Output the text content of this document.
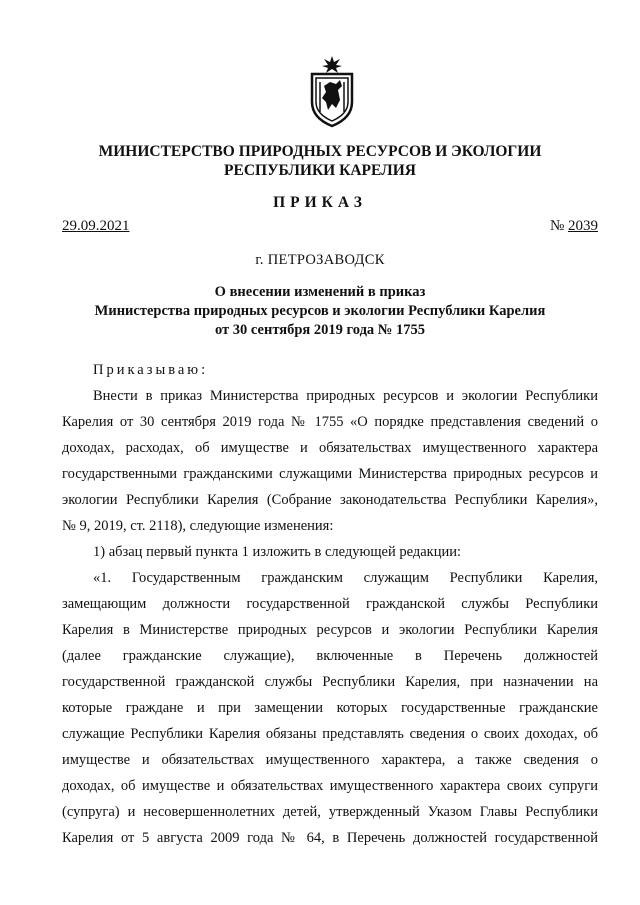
МИНИСТЕРСТВО ПРИРОДНЫХ РЕСУРСОВ И ЭКОЛОГИИ
РЕСПУБЛИКИ КАРЕЛИЯ
ПРИКАЗ
29.09.2021	№ 2039
г. ПЕТРОЗАВОДСК
О внесении изменений в приказ
Министерства природных ресурсов и экологии Республики Карелия
от 30 сентября 2019 года № 1755
Приказываю:
Внести в приказ Министерства природных ресурсов и экологии Республики
Карелия от 30 сентября 2019 года № 1755 «О порядке представления сведений о
доходах, расходах, об имуществе и обязательствах имущественного характера
государственными гражданскими служащими Министерства природных ресурсов и
экологии Республики Карелия (Собрание законодательства Республики Карелия»,
№ 9, 2019, ст. 2118), следующие изменения:
1) абзац первый пункта 1 изложить в следующей редакции:
«1. Государственным гражданским служащим Республики Карелия,
замещающим должности государственной гражданской службы Республики
Карелия в Министерстве природных ресурсов и экологии Республики Карелия
(далее гражданские служащие), включенные в Перечень должностей
государственной гражданской службы Республики Карелия, при назначении на
которые граждане и при замещении которых государственные гражданские
служащие Республики Карелия обязаны представлять сведения о своих доходах, об
имуществе и обязательствах имущественного характера, а также сведения о
доходах, об имуществе и обязательствах имущественного характера своих супруги
(супруга) и несовершеннолетних детей, утвержденный Указом Главы Республики
Карелия от 5 августа 2009 года № 64, в Перечень должностей государственной
